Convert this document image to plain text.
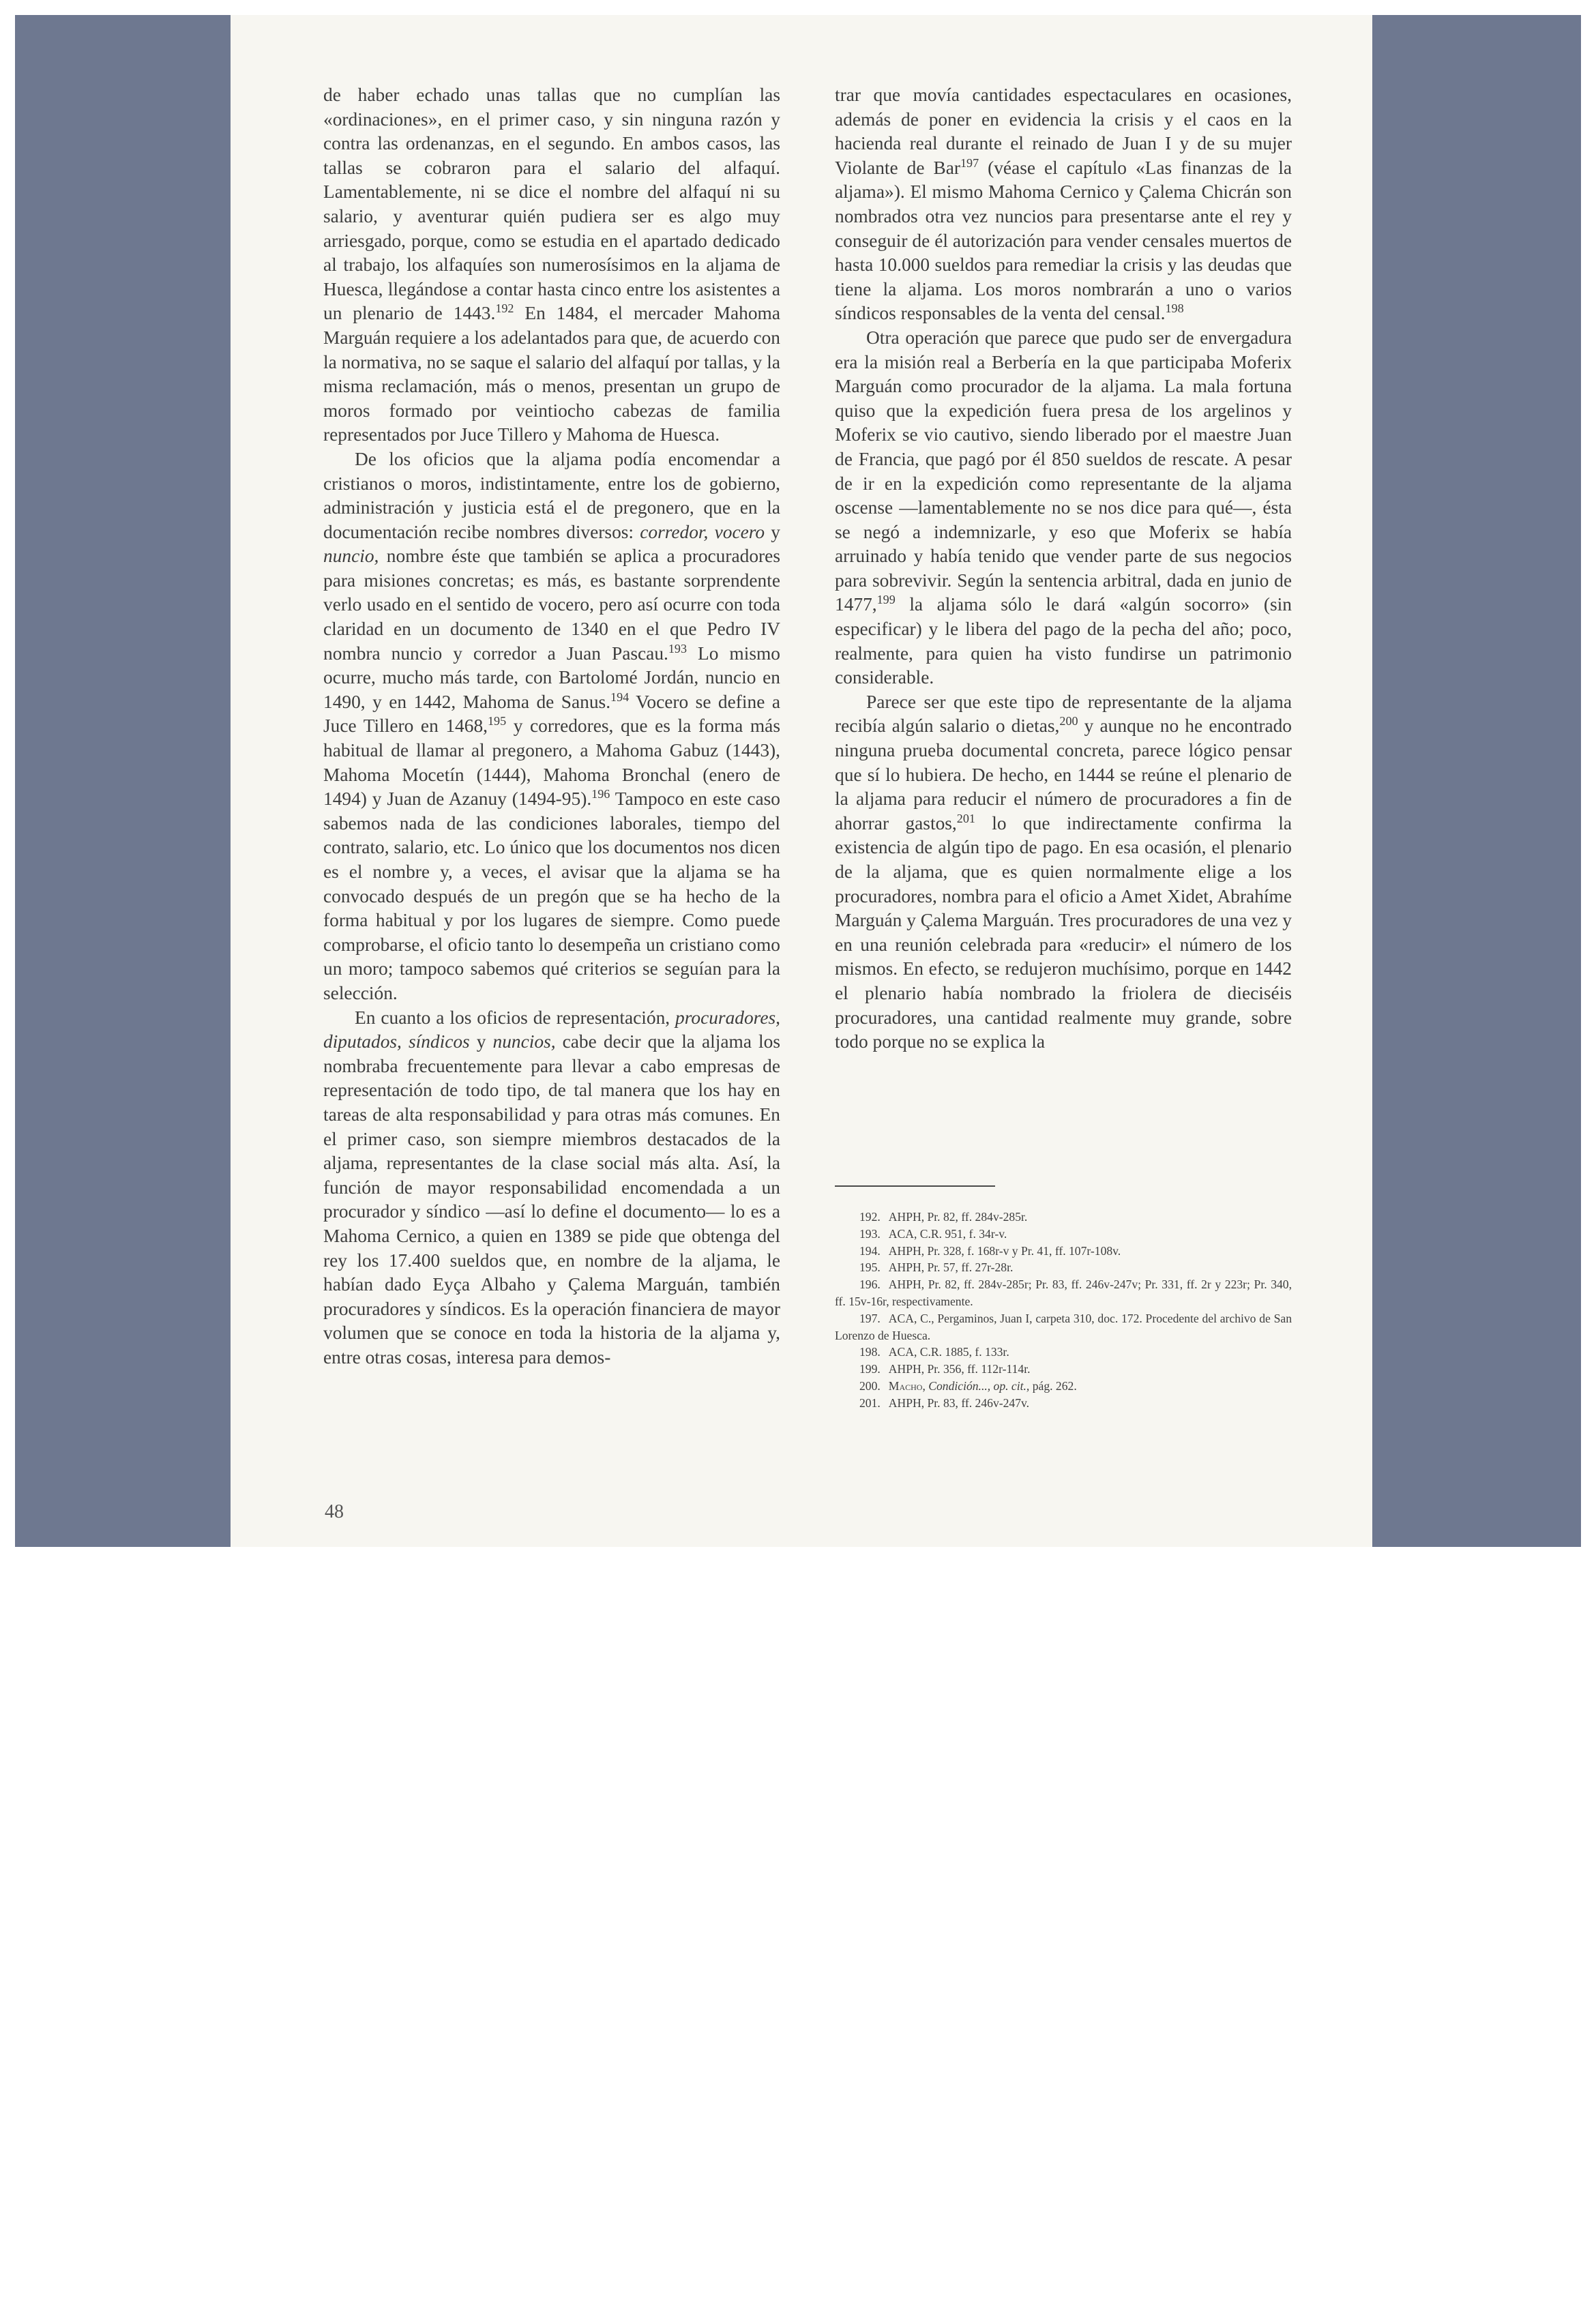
de haber echado unas tallas que no cumplían las «ordinaciones», en el primer caso, y sin ninguna razón y contra las ordenanzas, en el segundo. En ambos casos, las tallas se cobraron para el salario del alfaquí. Lamentablemente, ni se dice el nombre del alfaquí ni su salario, y aventurar quién pudiera ser es algo muy arriesgado, porque, como se estudia en el apartado dedicado al trabajo, los alfaquíes son numerosísimos en la aljama de Huesca, llegándose a contar hasta cinco entre los asistentes a un plenario de 1443.$^{192}$ En 1484, el mercader Mahoma Marguán requiere a los adelantados para que, de acuerdo con la normativa, no se saque el salario del alfaquí por tallas, y la misma reclamación, más o menos, presentan un grupo de moros formado por veintiocho cabezas de familia representados por Juce Tillero y Mahoma de Huesca.

De los oficios que la aljama podía encomendar a cristianos o moros, indistintamente, entre los de gobierno, administración y justicia está el de pregonero, que en la documentación recibe nombres diversos: corredor, vocero y nuncio, nombre éste que también se aplica a procuradores para misiones concretas; es más, es bastante sorprendente verlo usado en el sentido de vocero, pero así ocurre con toda claridad en un documento de 1340 en el que Pedro IV nombra nuncio y corredor a Juan Pascau.$^{193}$ Lo mismo ocurre, mucho más tarde, con Bartolomé Jordán, nuncio en 1490, y en 1442, Mahoma de Sanus.$^{194}$ Vocero se define a Juce Tillero en 1468,$^{195}$ y corredores, que es la forma más habitual de llamar al pregonero, a Mahoma Gabuz (1443), Mahoma Mocetín (1444), Mahoma Bronchal (enero de 1494) y Juan de Azanuy (1494-95).$^{196}$ Tampoco en este caso sabemos nada de las condiciones laborales, tiempo del contrato, salario, etc. Lo único que los documentos nos dicen es el nombre y, a veces, el avisar que la aljama se ha convocado después de un pregón que se ha hecho de la forma habitual y por los lugares de siempre. Como puede comprobarse, el oficio tanto lo desempeña un cristiano como un moro; tampoco sabemos qué criterios se seguían para la selección.

En cuanto a los oficios de representación, procuradores, diputados, síndicos y nuncios, cabe decir que la aljama los nombraba frecuentemente para llevar a cabo empresas de representación de todo tipo, de tal manera que los hay en tareas de alta responsabilidad y para otras más comunes. En el primer caso, son siempre miembros destacados de la aljama, representantes de la clase social más alta. Así, la función de mayor responsabilidad encomendada a un procurador y síndico —así lo define el documento— lo es a Mahoma Cernico, a quien en 1389 se pide que obtenga del rey los 17.400 sueldos que, en nombre de la aljama, le habían dado Eyça Albaho y Çalema Marguán, también procuradores y síndicos. Es la operación financiera de mayor volumen que se conoce en toda la historia de la aljama y, entre otras cosas, interesa para demos-

trar que movía cantidades espectaculares en ocasiones, además de poner en evidencia la crisis y el caos en la hacienda real durante el reinado de Juan I y de su mujer Violante de Bar$^{197}$ (véase el capítulo «Las finanzas de la aljama»). El mismo Mahoma Cernico y Çalema Chicrán son nombrados otra vez nuncios para presentarse ante el rey y conseguir de él autorización para vender censales muertos de hasta 10.000 sueldos para remediar la crisis y las deudas que tiene la aljama. Los moros nombrarán a uno o varios síndicos responsables de la venta del censal.$^{198}$

Otra operación que parece que pudo ser de envergadura era la misión real a Berbería en la que participaba Moferix Marguán como procurador de la aljama. La mala fortuna quiso que la expedición fuera presa de los argelinos y Moferix se vio cautivo, siendo liberado por el maestre Juan de Francia, que pagó por él 850 sueldos de rescate. A pesar de ir en la expedición como representante de la aljama oscense —lamentablemente no se nos dice para qué—, ésta se negó a indemnizarle, y eso que Moferix se había arruinado y había tenido que vender parte de sus negocios para sobrevivir. Según la sentencia arbitral, dada en junio de 1477,$^{199}$ la aljama sólo le dará «algún socorro» (sin especificar) y le libera del pago de la pecha del año; poco, realmente, para quien ha visto fundirse un patrimonio considerable.

Parece ser que este tipo de representante de la aljama recibía algún salario o dietas,$^{200}$ y aunque no he encontrado ninguna prueba documental concreta, parece lógico pensar que sí lo hubiera. De hecho, en 1444 se reúne el plenario de la aljama para reducir el número de procuradores a fin de ahorrar gastos,$^{201}$ lo que indirectamente confirma la existencia de algún tipo de pago. En esa ocasión, el plenario de la aljama, que es quien normalmente elige a los procuradores, nombra para el oficio a Amet Xidet, Abrahíme Marguán y Çalema Marguán. Tres procuradores de una vez y en una reunión celebrada para «reducir» el número de los mismos. En efecto, se redujeron muchísimo, porque en 1442 el plenario había nombrado la friolera de dieciséis procuradores, una cantidad realmente muy grande, sobre todo porque no se explica la

192. AHPH, Pr. 82, ff. 284v-285r.

193. ACA, C.R. 951, f. 34r-v.

194. AHPH, Pr. 328, f. 168r-v y Pr. 41, ff. 107r-108v.

195. AHPH, Pr. 57, ff. 27r-28r.

196. AHPH, Pr. 82, ff. 284v-285r; Pr. 83, ff. 246v-247v; Pr. 331, ff. 2r y 223r; Pr. 340, ff. 15v-16r, respectivamente.

197. ACA, C., Pergaminos, Juan I, carpeta 310, doc. 172. Procedente del archivo de San Lorenzo de Huesca.

198. ACA, C.R. 1885, f. 133r.

199. AHPH, Pr. 356, ff. 112r-114r.

200. Macho, Condición..., op. cit., pág. 262.

201. AHPH, Pr. 83, ff. 246v-247v.

48
